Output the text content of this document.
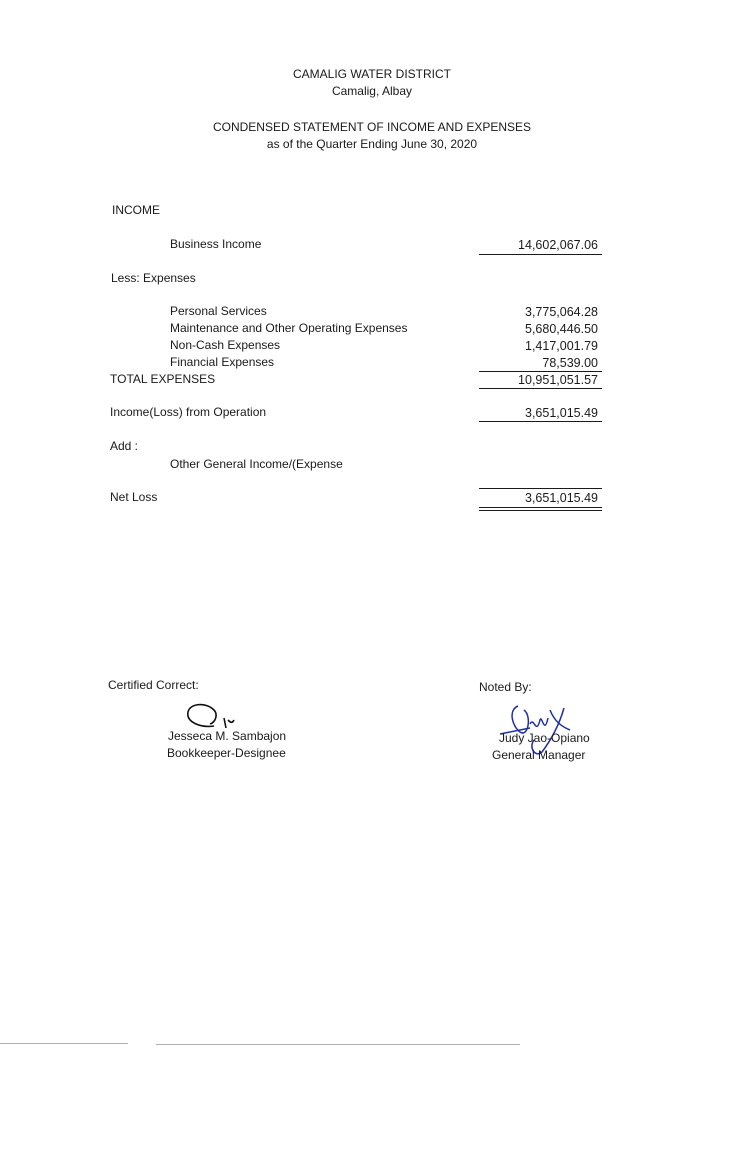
CAMALIG WATER DISTRICT
Camalig, Albay
CONDENSED STATEMENT OF INCOME AND EXPENSES
as of the Quarter Ending June 30, 2020
INCOME
Business Income	14,602,067.06
Less: Expenses
Personal Services	3,775,064.28
Maintenance and Other Operating Expenses	5,680,446.50
Non-Cash Expenses	1,417,001.79
Financial Expenses	78,539.00
TOTAL EXPENSES	10,951,051.57
Income(Loss) from Operation	3,651,015.49
Add :
Other General Income/(Expense
Net Loss	3,651,015.49
Certified Correct:
Jesseca M. Sambajon
Bookkeeper-Designee
Noted By:
Judy Jao-Opiano
General Manager
